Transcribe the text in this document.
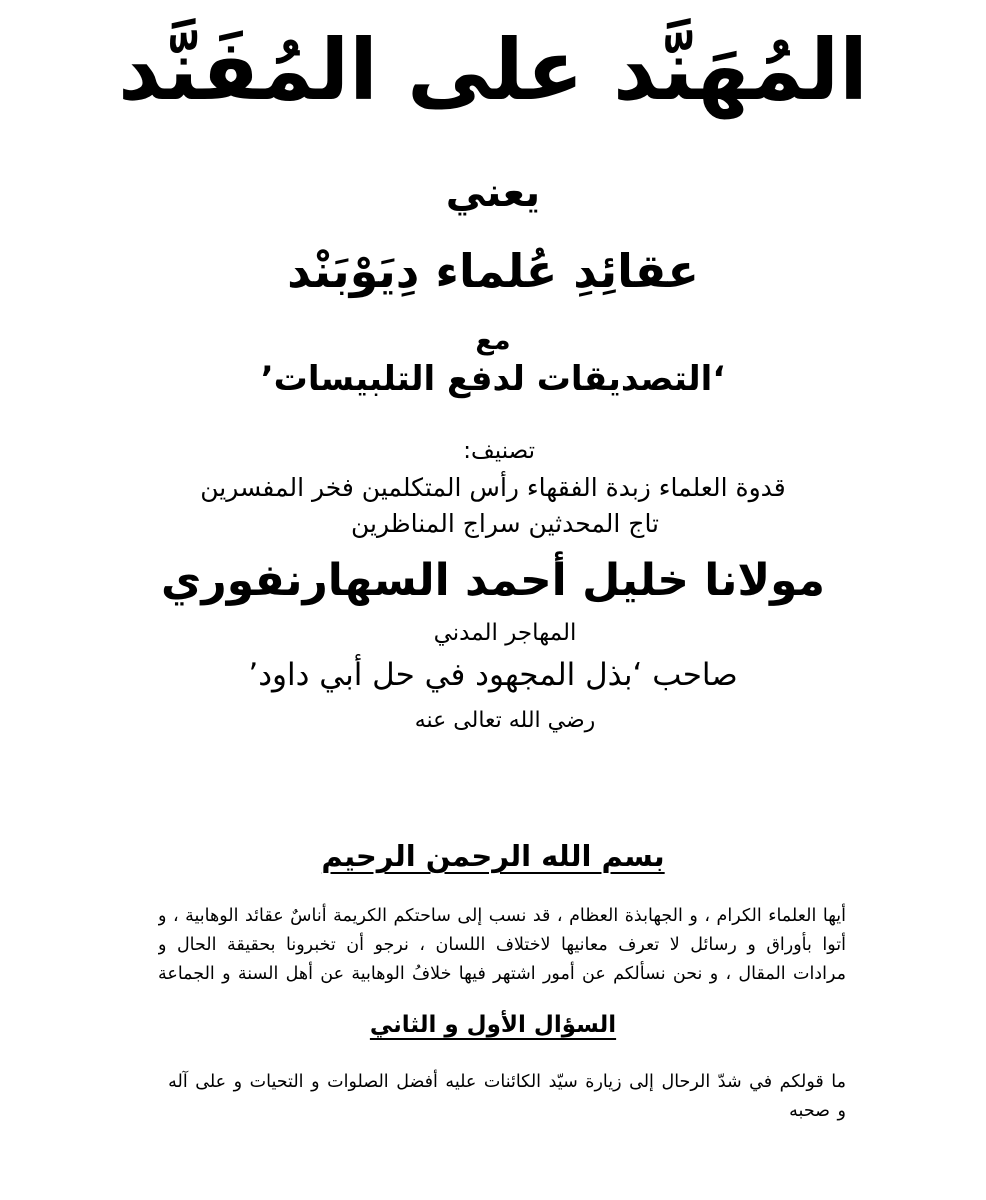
المُهَنَّد على المُفَنَّد
يعني
عقائِدِ عُلماء دِيَوْبَنْد
مع
‘التصديقات لدفع التلبيسات’
تصنيف:
قدوة العلماء زبدة الفقهاء رأس المتكلمين فخر المفسرين
تاج المحدثين سراج المناظرين
مولانا خليل أحمد السهارنفوري
المهاجر المدني
صاحب ‘بذل المجهود في حل أبي داود’
رضي الله تعالى عنه
بسم الله الرحمن الرحيم
أيها العلماء الكرام ، و الجهابذة العظام ، قد نسب إلى ساحتكم الكريمة أناسٌ عقائد الوهابية ، و
أتوا بأوراق و رسائل لا تعرف معانيها لاختلاف اللسان ، نرجو أن تخبرونا بحقيقة الحال و
مرادات المقال ، و نحن نسألكم عن أمور اشتهر فيها خلافُ الوهابية عن أهل السنة و الجماعة
السؤال الأول و الثاني
ما قولكم في شدّ الرحال إلى زيارة سيّد الكائنات عليه أفضل الصلوات و التحيات و على آله
و صحبه
